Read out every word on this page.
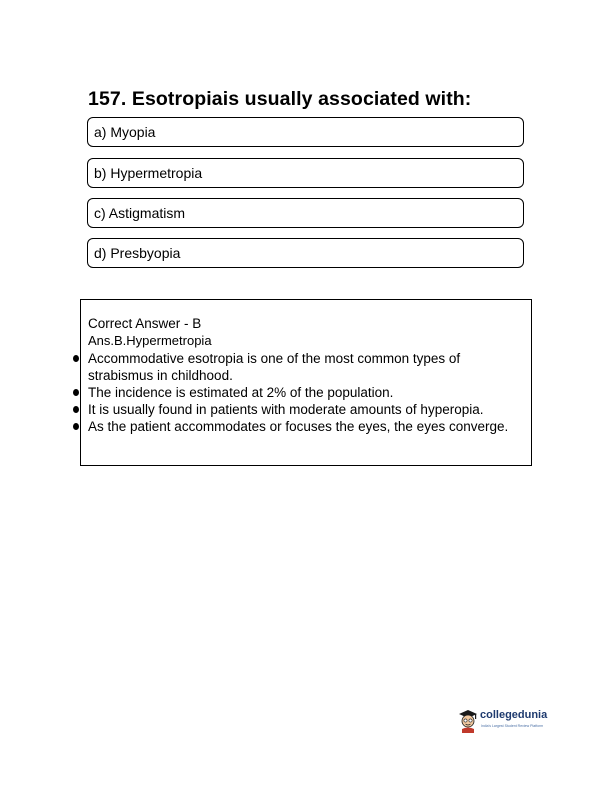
157. Esotropiais usually associated with:
a) Myopia
b) Hypermetropia
c) Astigmatism
d) Presbyopia
Correct Answer - B
Ans.B.Hypermetropia
Accommodative esotropia is one of the most common types of strabismus in childhood.
The incidence is estimated at 2% of the population.
It is usually found in patients with moderate amounts of hyperopia.
As the patient accommodates or focuses the eyes, the eyes converge.
collegedunia
India's Largest Student Review Platform
